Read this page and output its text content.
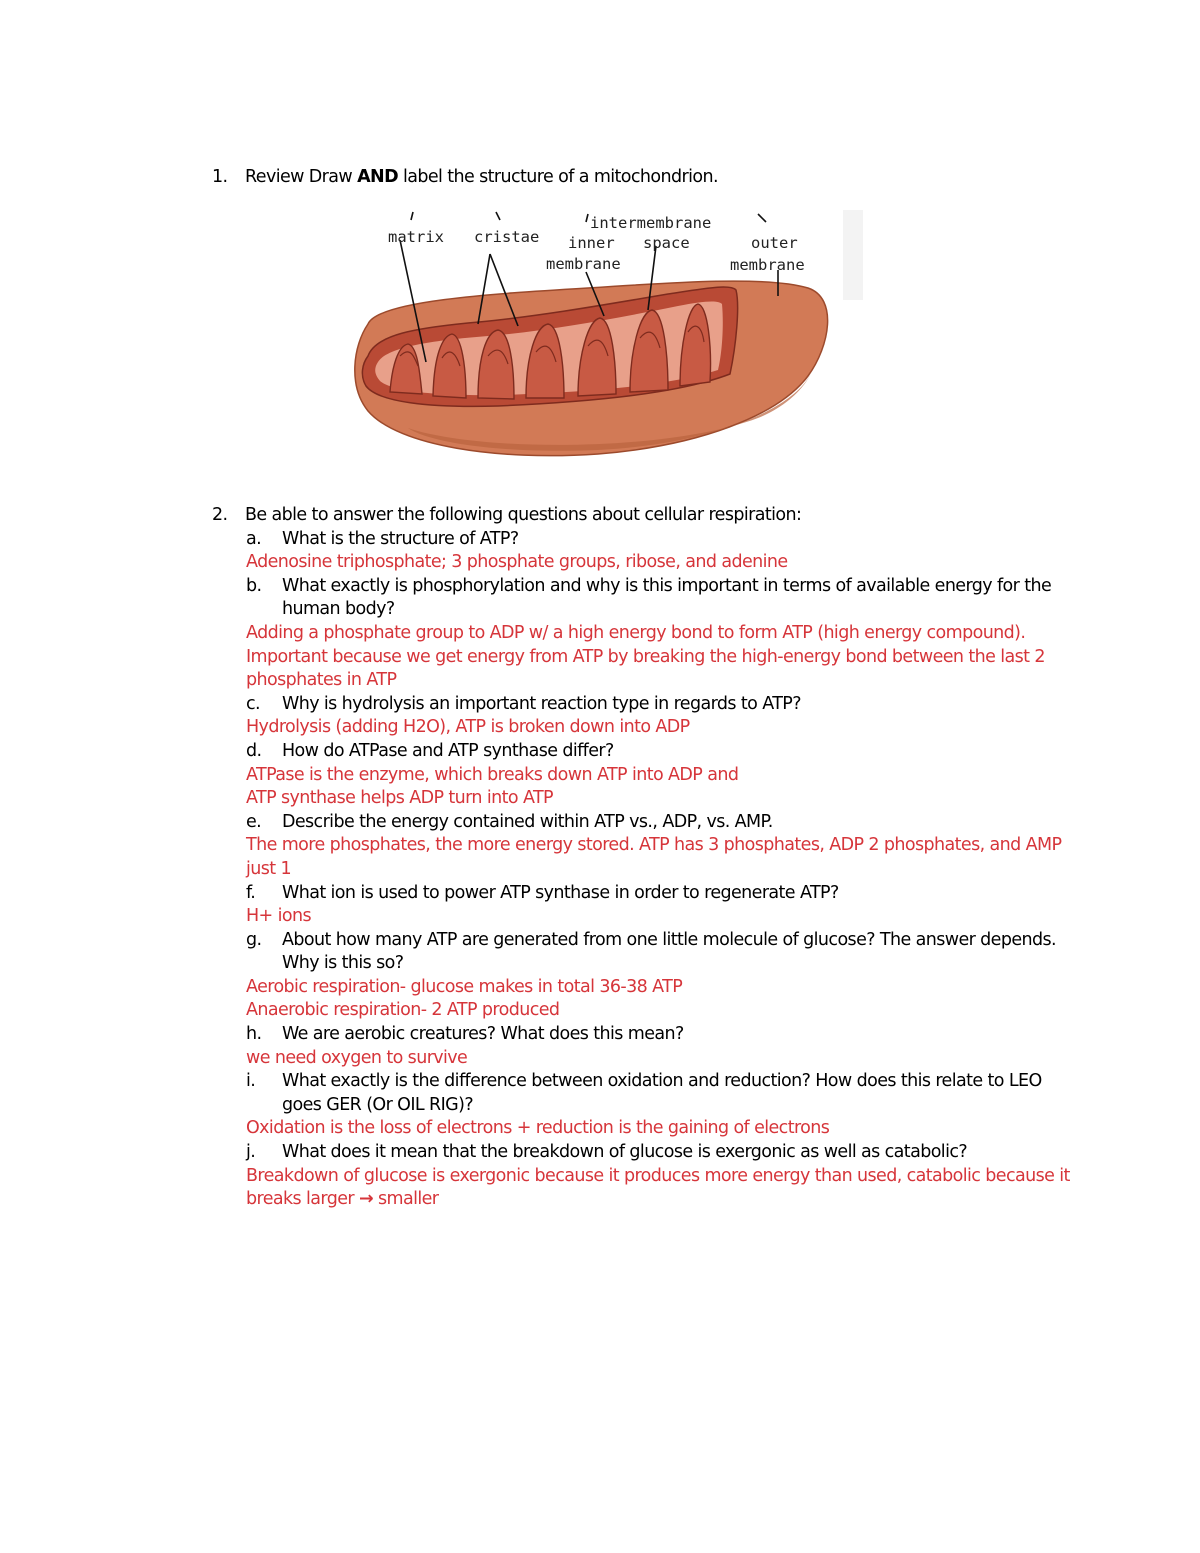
1. Review Draw AND label the structure of a mitochondrion.
matrix cristae
intermembrane
inner space
membrane
outer
membrane
2. Be able to answer the following questions about cellular respiration:
a. What is the structure of ATP?
Adenosine triphosphate; 3 phosphate groups, ribose, and adenine
b. What exactly is phosphorylation and why is this important in terms of available energy for the human body?
Adding a phosphate group to ADP w/ a high energy bond to form ATP (high energy compound). Important because we get energy from ATP by breaking the high-energy bond between the last 2 phosphates in ATP
c. Why is hydrolysis an important reaction type in regards to ATP?
Hydrolysis (adding H2O), ATP is broken down into ADP
d. How do ATPase and ATP synthase differ?
ATPase is the enzyme, which breaks down ATP into ADP and
ATP synthase helps ADP turn into ATP
e. Describe the energy contained within ATP vs., ADP, vs. AMP.
The more phosphates, the more energy stored. ATP has 3 phosphates, ADP 2 phosphates, and AMP just 1
f. What ion is used to power ATP synthase in order to regenerate ATP?
H+ ions
g. About how many ATP are generated from one little molecule of glucose? The answer depends. Why is this so?
Aerobic respiration- glucose makes in total 36-38 ATP
Anaerobic respiration- 2 ATP produced
h. We are aerobic creatures? What does this mean?
we need oxygen to survive
i. What exactly is the difference between oxidation and reduction? How does this relate to LEO goes GER (Or OIL RIG)?
Oxidation is the loss of electrons + reduction is the gaining of electrons
j. What does it mean that the breakdown of glucose is exergonic as well as catabolic?
Breakdown of glucose is exergonic because it produces more energy than used, catabolic because it breaks larger → smaller
